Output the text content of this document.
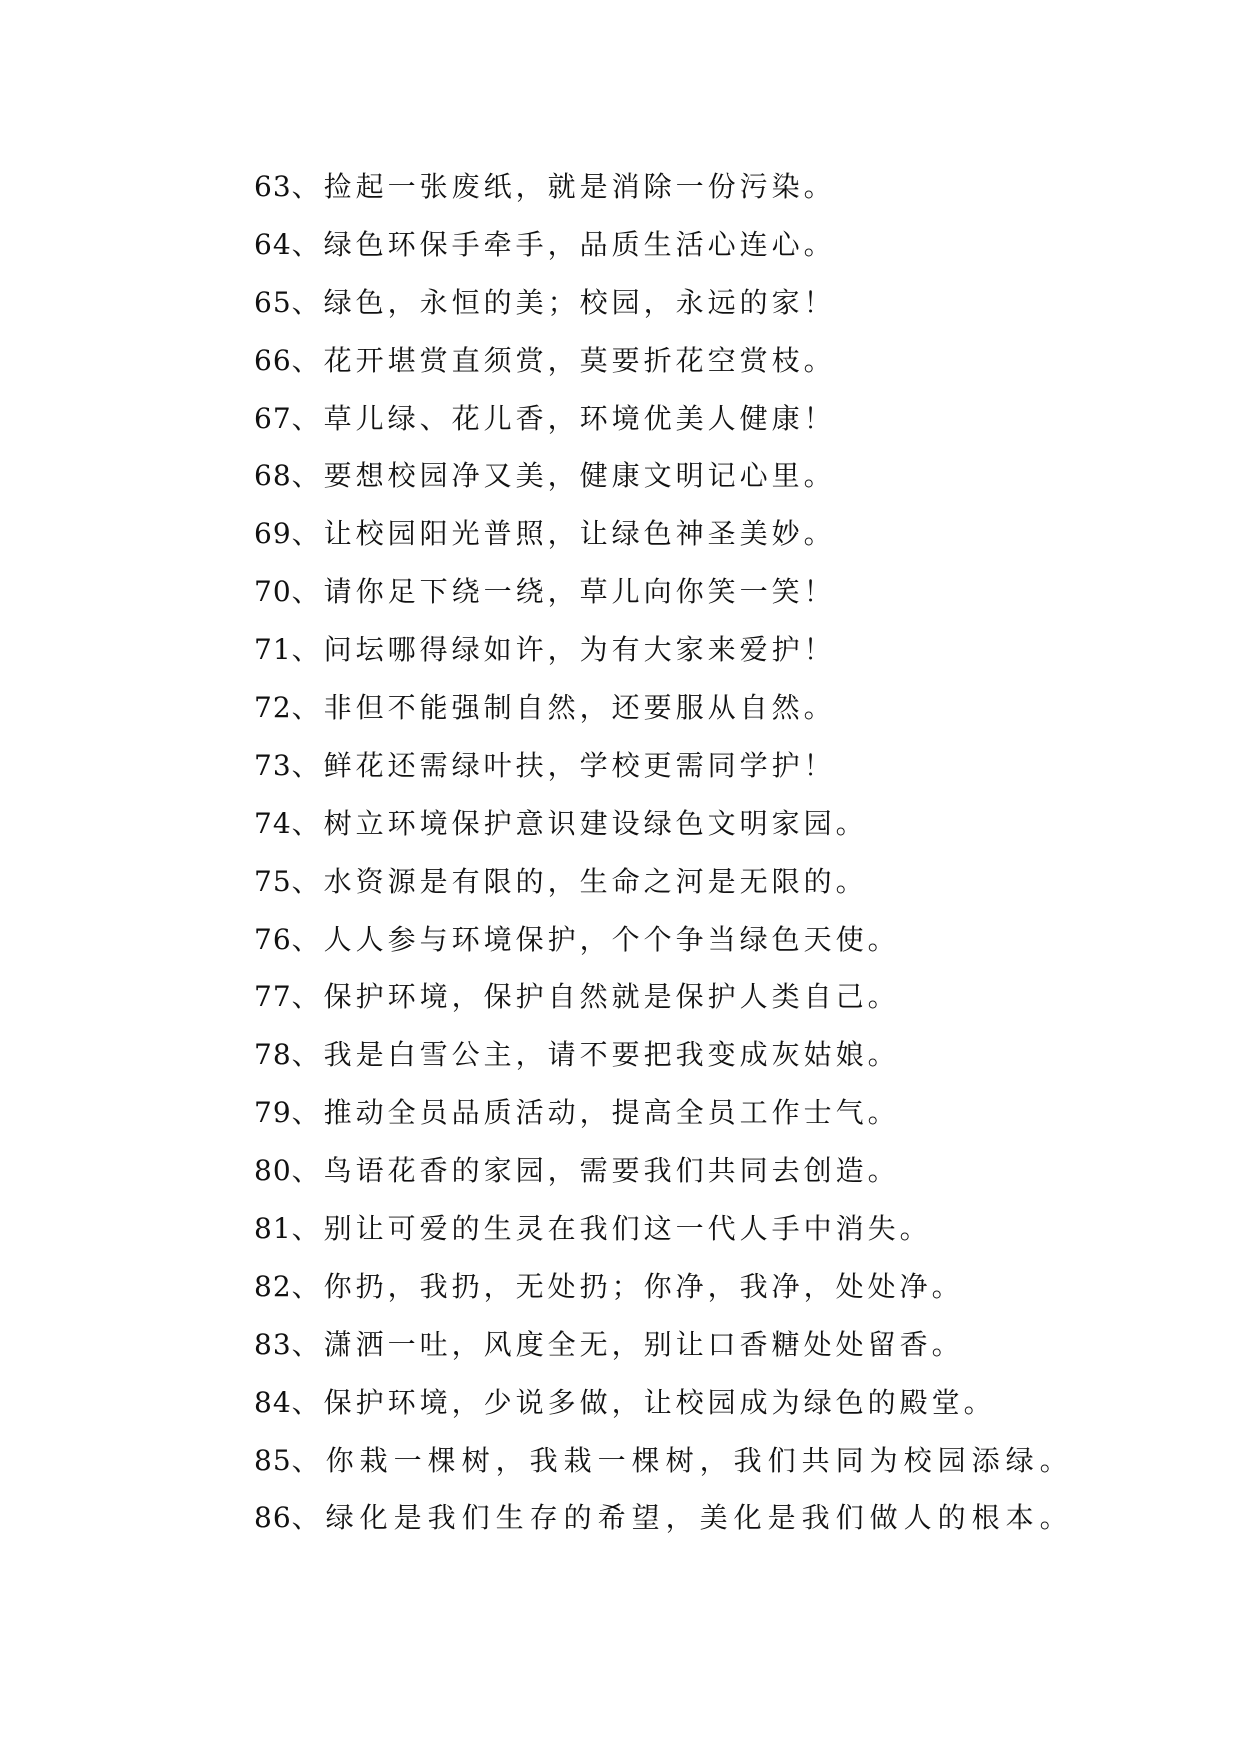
63、捡起一张废纸，就是消除一份污染。
64、绿色环保手牵手，品质生活心连心。
65、绿色，永恒的美；校园，永远的家！
66、花开堪赏直须赏，莫要折花空赏枝。
67、草儿绿、花儿香，环境优美人健康！
68、要想校园净又美，健康文明记心里。
69、让校园阳光普照，让绿色神圣美妙。
70、请你足下绕一绕，草儿向你笑一笑！
71、问坛哪得绿如许，为有大家来爱护！
72、非但不能强制自然，还要服从自然。
73、鲜花还需绿叶扶，学校更需同学护！
74、树立环境保护意识建设绿色文明家园。
75、水资源是有限的，生命之河是无限的。
76、人人参与环境保护，个个争当绿色天使。
77、保护环境，保护自然就是保护人类自己。
78、我是白雪公主，请不要把我变成灰姑娘。
79、推动全员品质活动，提高全员工作士气。
80、鸟语花香的家园，需要我们共同去创造。
81、别让可爱的生灵在我们这一代人手中消失。
82、你扔，我扔，无处扔；你净，我净，处处净。
83、潇洒一吐，风度全无，别让口香糖处处留香。
84、保护环境，少说多做，让校园成为绿色的殿堂。
85、你栽一棵树，我栽一棵树，我们共同为校园添绿。
86、绿化是我们生存的希望，美化是我们做人的根本。
